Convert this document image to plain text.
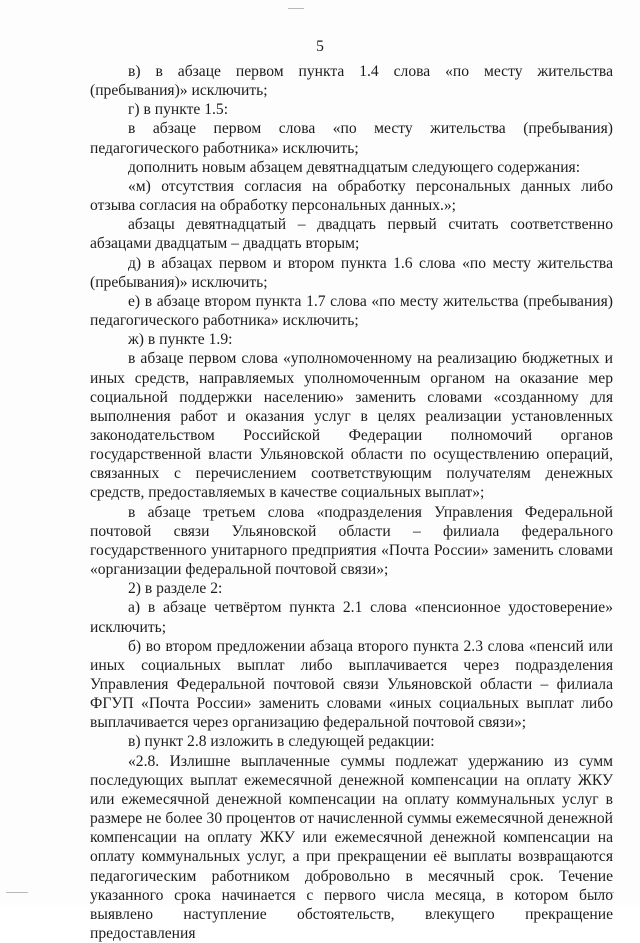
5

в) в абзаце первом пункта 1.4 слова «по месту жительства (пребывания)» исключить;

г) в пункте 1.5:

в абзаце первом слова «по месту жительства (пребывания) педагогического работника» исключить;

дополнить новым абзацем девятнадцатым следующего содержания:

«м) отсутствия согласия на обработку персональных данных либо отзыва согласия на обработку персональных данных.»;

абзацы девятнадцатый – двадцать первый считать соответственно абзацами двадцатым – двадцать вторым;

д) в абзацах первом и втором пункта 1.6 слова «по месту жительства (пребывания)» исключить;

е) в абзаце втором пункта 1.7 слова «по месту жительства (пребывания) педагогического работника» исключить;

ж) в пункте 1.9:

в абзаце первом слова «уполномоченному на реализацию бюджетных и иных средств, направляемых уполномоченным органом на оказание мер социальной поддержки населению» заменить словами «созданному для выполнения работ и оказания услуг в целях реализации установленных законодательством Российской Федерации полномочий органов государственной власти Ульяновской области по осуществлению операций, связанных с перечислением соответствующим получателям денежных средств, предоставляемых в качестве социальных выплат»;

в абзаце третьем слова «подразделения Управления Федеральной почтовой связи Ульяновской области – филиала федерального государственного унитарного предприятия «Почта России» заменить словами «организации федеральной почтовой связи»;

2) в разделе 2:

а) в абзаце четвёртом пункта 2.1 слова «пенсионное удостоверение» исключить;

б) во втором предложении абзаца второго пункта 2.3 слова «пенсий или иных социальных выплат либо выплачивается через подразделения Управления Федеральной почтовой связи Ульяновской области – филиала ФГУП «Почта России» заменить словами «иных социальных выплат либо выплачивается через организацию федеральной почтовой связи»;

в) пункт 2.8 изложить в следующей редакции:

«2.8. Излишне выплаченные суммы подлежат удержанию из сумм последующих выплат ежемесячной денежной компенсации на оплату ЖКУ или ежемесячной денежной компенсации на оплату коммунальных услуг в размере не более 30 процентов от начисленной суммы ежемесячной денежной компенсации на оплату ЖКУ или ежемесячной денежной компенсации на оплату коммунальных услуг, а при прекращении её выплаты возвращаются педагогическим работником добровольно в месячный срок. Течение указанного срока начинается с первого числа месяца, в котором было выявлено наступление обстоятельств, влекущего прекращение предоставления
